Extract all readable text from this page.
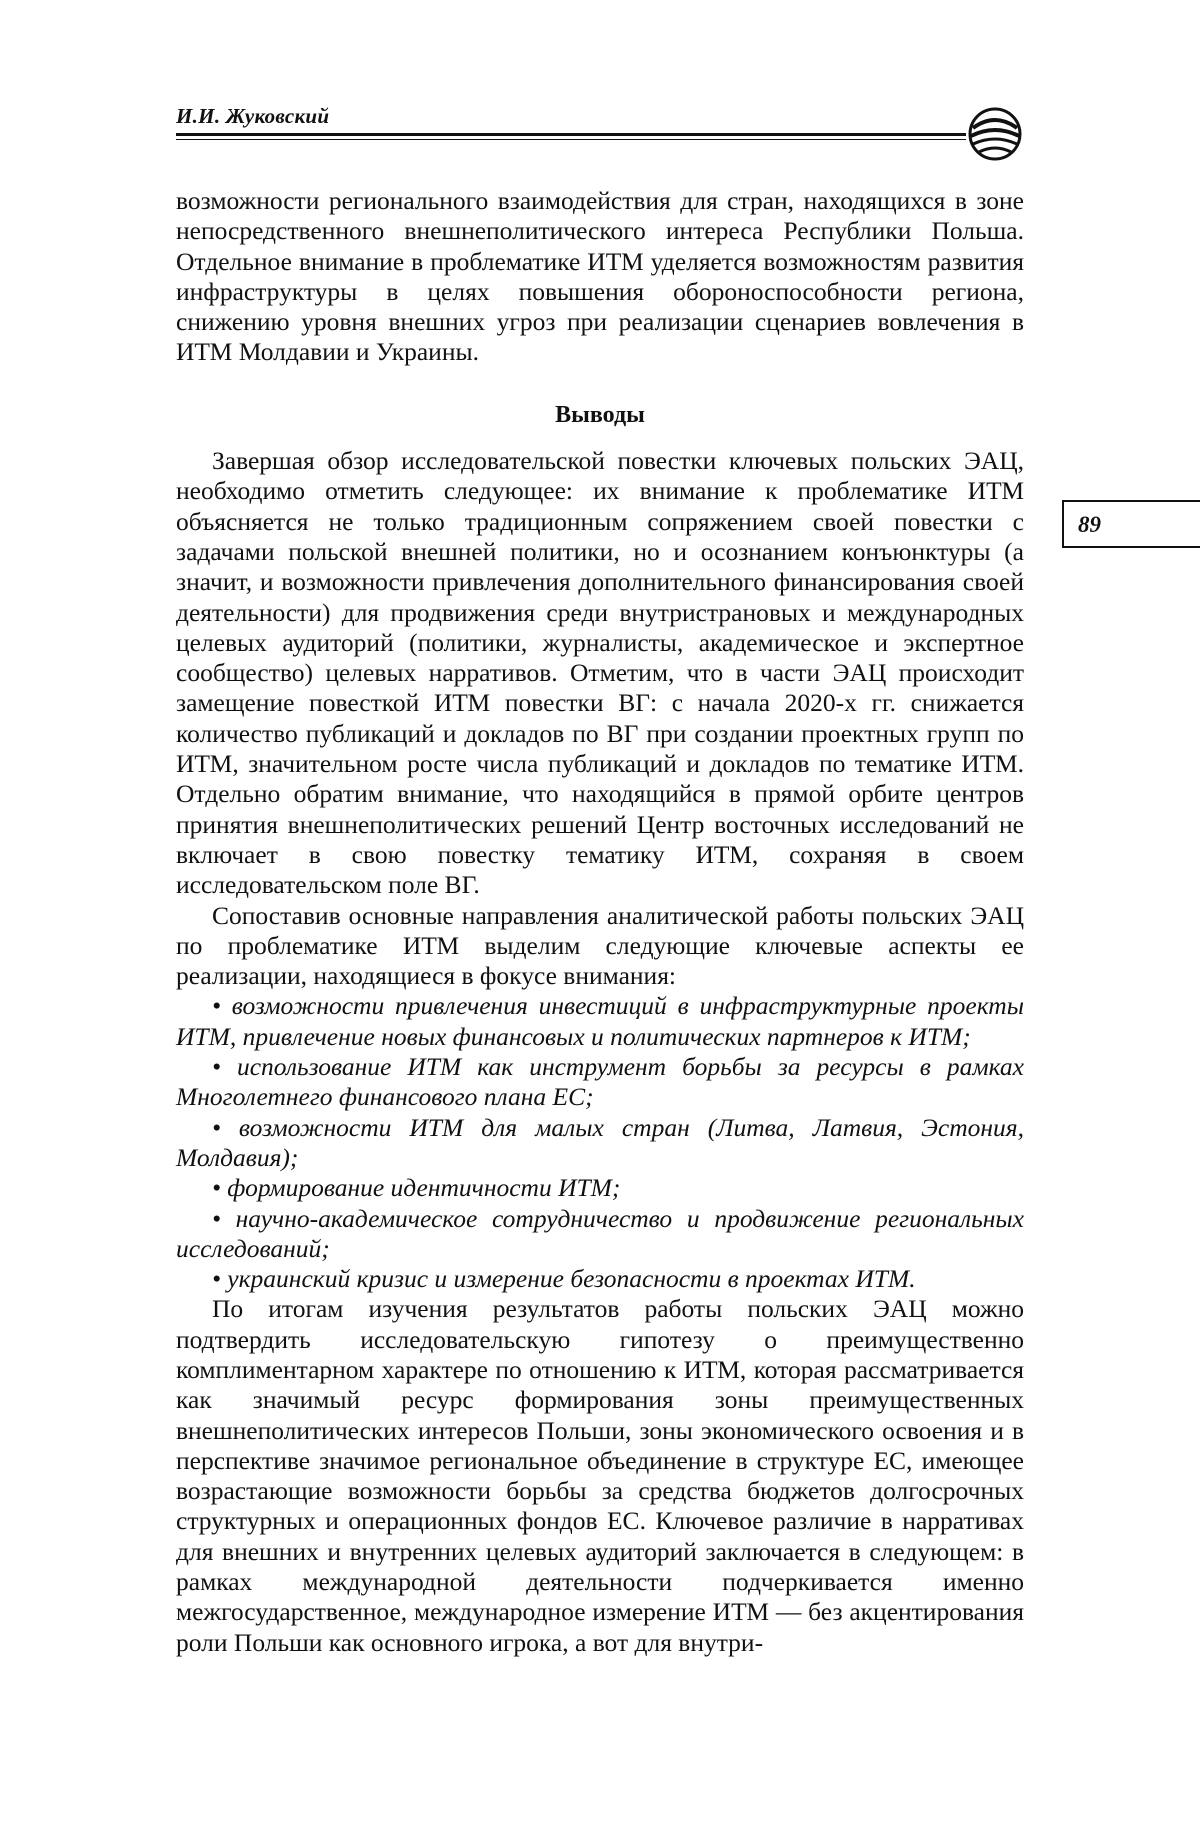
И.И. Жуковский
89

возможности регионального взаимодействия для стран, находящихся в зоне непосредственного внешнеполитического интереса Республики Польша. Отдельное внимание в проблематике ИТМ уделяется возможностям развития инфраструктуры в целях повышения обороноспособности региона, снижению уровня внешних угроз при реализации сценариев вовлечения в ИТМ Молдавии и Украины.

Выводы

Завершая обзор исследовательской повестки ключевых польских ЭАЦ, необходимо отметить следующее: их внимание к проблематике ИТМ объясняется не только традиционным сопряжением своей повестки с задачами польской внешней политики, но и осознанием конъюнктуры (а значит, и возможности привлечения дополнительного финансирования своей деятельности) для продвижения среди внутристрановых и международных целевых аудиторий (политики, журналисты, академическое и экспертное сообщество) целевых нарративов. Отметим, что в части ЭАЦ происходит замещение повесткой ИТМ повестки ВГ: с начала 2020-х гг. снижается количество публикаций и докладов по ВГ при создании проектных групп по ИТМ, значительном росте числа публикаций и докладов по тематике ИТМ. Отдельно обратим внимание, что находящийся в прямой орбите центров принятия внешнеполитических решений Центр восточных исследований не включает в свою повестку тематику ИТМ, сохраняя в своем исследовательском поле ВГ.

Сопоставив основные направления аналитической работы польских ЭАЦ по проблематике ИТМ выделим следующие ключевые аспекты ее реализации, находящиеся в фокусе внимания:

• возможности привлечения инвестиций в инфраструктурные проекты ИТМ, привлечение новых финансовых и политических партнеров к ИТМ;

• использование ИТМ как инструмент борьбы за ресурсы в рамках Многолетнего финансового плана ЕС;

• возможности ИТМ для малых стран (Литва, Латвия, Эстония, Молдавия);

• формирование идентичности ИТМ;

• научно-академическое сотрудничество и продвижение региональных исследований;

• украинский кризис и измерение безопасности в проектах ИТМ.

По итогам изучения результатов работы польских ЭАЦ можно подтвердить исследовательскую гипотезу о преимущественно комплиментарном характере по отношению к ИТМ, которая рассматривается как значимый ресурс формирования зоны преимущественных внешнеполитических интересов Польши, зоны экономического освоения и в перспективе значимое региональное объединение в структуре ЕС, имеющее возрастающие возможности борьбы за средства бюджетов долгосрочных структурных и операционных фондов ЕС. Ключевое различие в нарративах для внешних и внутренних целевых аудиторий заключается в следующем: в рамках международной деятельности подчеркивается именно межгосударственное, международное измерение ИТМ — без акцентирования роли Польши как основного игрока, а вот для внутри-
